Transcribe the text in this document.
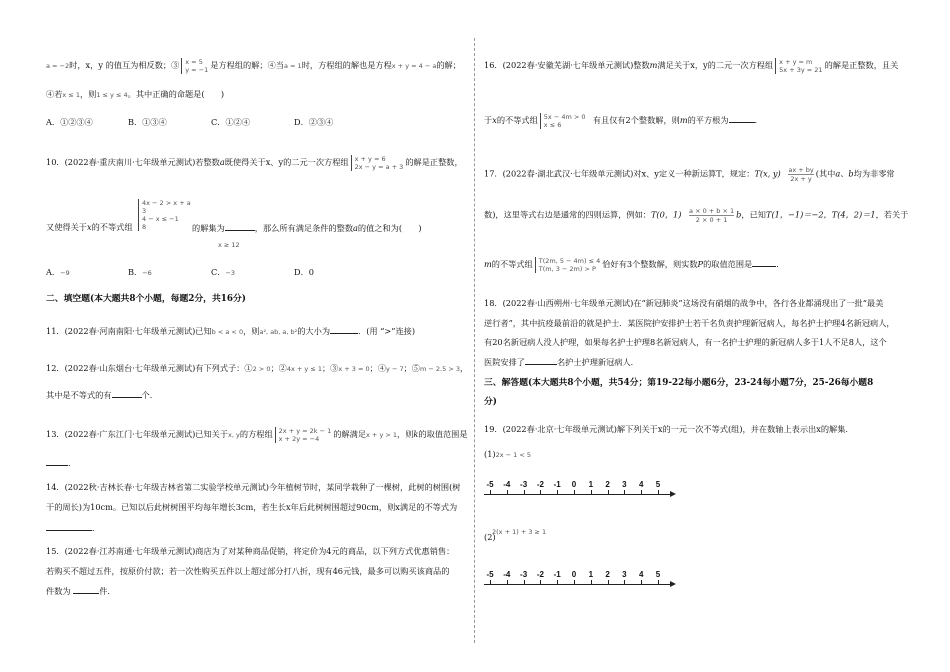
a = −2时，x，y 的值互为相反数；③ x = 5
y = −1 是方程组的解；④当a = 1时，方程组的解也是方程x + y = 4 − a的解；
④若x ≤ 1，则1 ≤ y ≤ 4。其中正确的命题是(　　)
A．①②③④	B．①③④	C．①②④	D．②③④
10．(2022春·重庆南川·七年级单元测试)若整数a既使得关于x、y的二元一次方程组 x + y = 6
2x − y = a + 3 的解是正整数，
又使得关于x的不等式组
4x − 2 > x + a
3
4 − x ≤ −1
8	的解集为	，那么所有满足条件的整数a的值之和为(　　)
x ≥ 12
A．−9	B．−6	C．−3	D．0
二、填空题(本大题共8个小题，每题2分，共16分)
11．(2022春·河南南阳·七年级单元测试)已知b < a < 0，则a², ab, a, b²的大小为	．(用 “>”连接)
12．(2022春·山东烟台·七年级单元测试)有下列式子：①2 > 0；②4x + y ≤ 1；③x + 3 = 0；④y − 7；⑤m − 2.5 > 3，
其中是不等式的有	个．
13．(2022春·广东江门·七年级单元测试)已知关于x, y的方程组 2x + y = 2k − 1
x + 2y = −4	的解满足x + y > 1，则k的取值范围是
．
14．(2022秋·吉林长春·七年级吉林省第二实验学校单元测试)今年植树节时，某同学栽种了一棵树，此树的树围(树
干的周长)为10cm。已知以后此树树围平均每年增长3cm，若生长x年后此树树围超过90cm，则x满足的不等式为
．
15．(2022春·江苏南通·七年级单元测试)商店为了对某种商品促销，将定价为4元的商品，以下列方式优惠销售：
若购买不超过五件，按原价付款；若一次性购买五件以上超过部分打八折，现有46元钱，最多可以购买该商品的
件数为	件．
16．(2022春·安徽芜湖·七年级单元测试)整数m满足关于x，y的二元一次方程组 x + y = m
5x + 3y = 21 的解是正整数，且关
于x的不等式组 5x − 4m > 0
x ≤ 6	有且仅有2个整数解，则m的平方根为	．
17．(2022春·湖北武汉·七年级单元测试)对x、y定义一种新运算T，规定：T(x, $y) \frac{ax + by}{2x + y}$ (其中a、b均为非零常
数)，这里等式右边是通常的四则运算，例如：T(0，$1) \frac{a \times 0 + b \times 1}{2 \times 0 + 1}$ b，已知T(1，−1)＝−2，T(4，2)＝1，若关于
m的不等式组 T(2m, 5 − 4m) ≤ 4
T(m, 3 − 2m) > P 恰好有3个整数解，则实数P的取值范围是	．
18．(2022春·山西朔州·七年级单元测试)在“新冠肺炎”这场没有硝烟的战争中，各行各业都涌现出了一批“最美
逆行者”，其中抗疫最前沿的就是护士．某医院护安排护士若干名负责护理新冠病人，每名护士护理4名新冠病人，
有20名新冠病人没人护理，如果每名护士护理8名新冠病人，有一名护士护理的新冠病人多于1人不足8人，这个
医院安排了	名护士护理新冠病人．
三、解答题(本大题共8个小题，共54分；第19-22每小题6分，23-24每小题7分，25-26每小题8
分)
19．(2022春·北京·七年级单元测试)解下列关于x的一元一次不等式(组)，并在数轴上表示出x的解集．
(1)2x − 1 < 5
-5	-4	-3	-2	-1	0	1	2	3	4	5
2(x + 1) + 3 ≥ 1
(2)
-5	-4	-3	-2	-1	0	1	2	3	4	5
